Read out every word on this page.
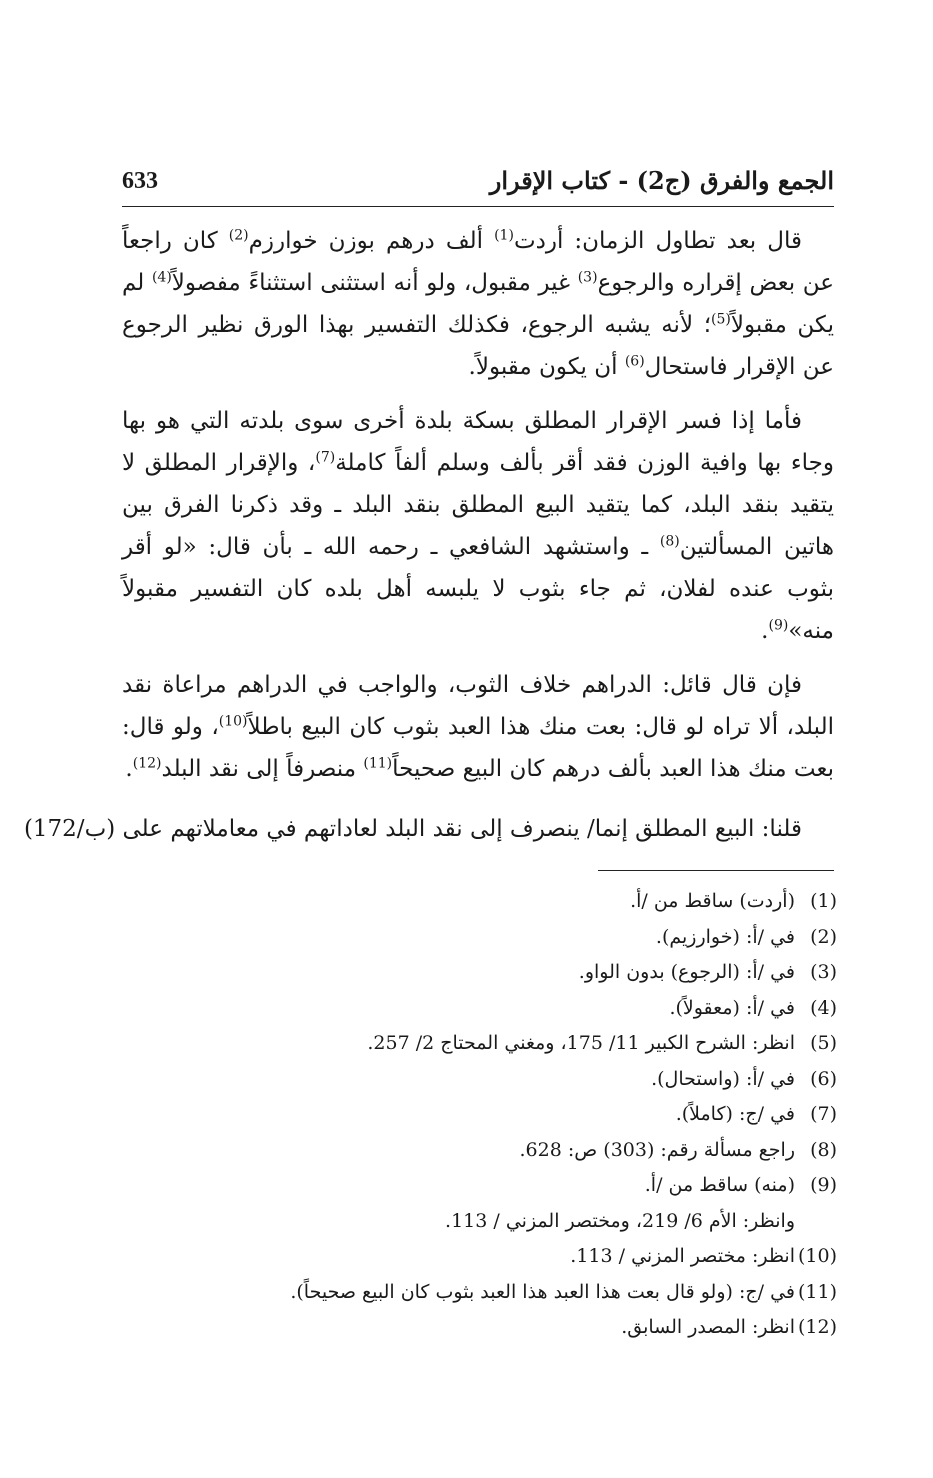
الجمع والفرق (ج2) - كتاب الإقرار
633

قال بعد تطاول الزمان: أردت$^{(1)}$ ألف درهم بوزن خوارزم$^{(2)}$ كان راجعاً عن بعض إقراره والرجوع$^{(3)}$ غير مقبول، ولو أنه استثنى استثناءً مفصولاً$^{(4)}$ لم يكن مقبولاً$^{(5)}$؛ لأنه يشبه الرجوع، فكذلك التفسير بهذا الورق نظير الرجوع عن الإقرار فاستحال$^{(6)}$ أن يكون مقبولاً.

فأما إذا فسر الإقرار المطلق بسكة بلدة أخرى سوى بلدته التي هو بها وجاء بها وافية الوزن فقد أقر بألف وسلم ألفاً كاملة$^{(7)}$، والإقرار المطلق لا يتقيد بنقد البلد، كما يتقيد البيع المطلق بنقد البلد ـ وقد ذكرنا الفرق بين هاتين المسألتين$^{(8)}$ ـ واستشهد الشافعي ـ رحمه الله ـ بأن قال: «لو أقر بثوب عنده لفلان، ثم جاء بثوب لا يلبسه أهل بلده كان التفسير مقبولاً منه»$^{(9)}$.

فإن قال قائل: الدراهم خلاف الثوب، والواجب في الدراهم مراعاة نقد البلد، ألا تراه لو قال: بعت منك هذا العبد بثوب كان البيع باطلاً$^{(10)}$، ولو قال: بعت منك هذا العبد بألف درهم كان البيع صحيحاً$^{(11)}$ منصرفاً إلى نقد البلد$^{(12)}$.

قلنا: البيع المطلق إنما/ ينصرف إلى نقد البلد لعاداتهم في معاملاتهم على (172/ب)

(1)(أردت) ساقط من /أ.
(2)في /أ: (خوارزيم).
(3)في /أ: (الرجوع) بدون الواو.
(4)في /أ: (معقولاً).
(5)انظر: الشرح الكبير 11/ 175، ومغني المحتاج 2/ 257.
(6)في /أ: (واستحال).
(7)في /ج: (كاملاً).
(8)راجع مسألة رقم: (303) ص: 628.
(9)(منه) ساقط من /أ.
وانظر: الأم 6/ 219، ومختصر المزني / 113.
(10)انظر: مختصر المزني / 113.
(11)في /ج: (ولو قال بعت هذا العبد هذا العبد بثوب كان البيع صحيحاً).
(12)انظر: المصدر السابق.
